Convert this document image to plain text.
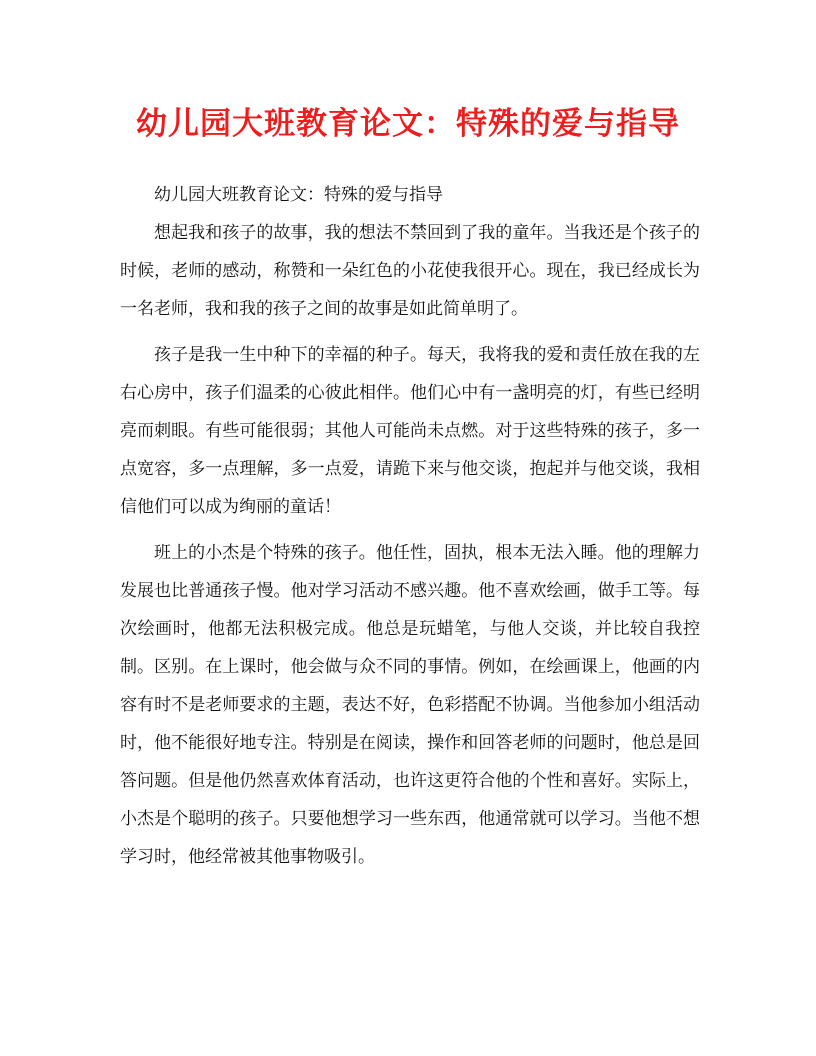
幼儿园大班教育论文：特殊的爱与指导

幼儿园大班教育论文：特殊的爱与指导

想起我和孩子的故事，我的想法不禁回到了我的童年。当我还是个孩子的时候，老师的感动，称赞和一朵红色的小花使我很开心。现在，我已经成长为一名老师，我和我的孩子之间的故事是如此简单明了。

孩子是我一生中种下的幸福的种子。每天，我将我的爱和责任放在我的左右心房中，孩子们温柔的心彼此相伴。他们心中有一盏明亮的灯，有些已经明亮而刺眼。有些可能很弱；其他人可能尚未点燃。对于这些特殊的孩子，多一点宽容，多一点理解，多一点爱，请跪下来与他交谈，抱起并与他交谈，我相信他们可以成为绚丽的童话！

班上的小杰是个特殊的孩子。他任性，固执，根本无法入睡。他的理解力发展也比普通孩子慢。他对学习活动不感兴趣。他不喜欢绘画，做手工等。每次绘画时，他都无法积极完成。他总是玩蜡笔，与他人交谈，并比较自我控制。区别。在上课时，他会做与众不同的事情。例如，在绘画课上，他画的内容有时不是老师要求的主题，表达不好，色彩搭配不协调。当他参加小组活动时，他不能很好地专注。特别是在阅读，操作和回答老师的问题时，他总是回答问题。但是他仍然喜欢体育活动，也许这更符合他的个性和喜好。实际上，小杰是个聪明的孩子。只要他想学习一些东西，他通常就可以学习。当他不想学习时，他经常被其他事物吸引。
